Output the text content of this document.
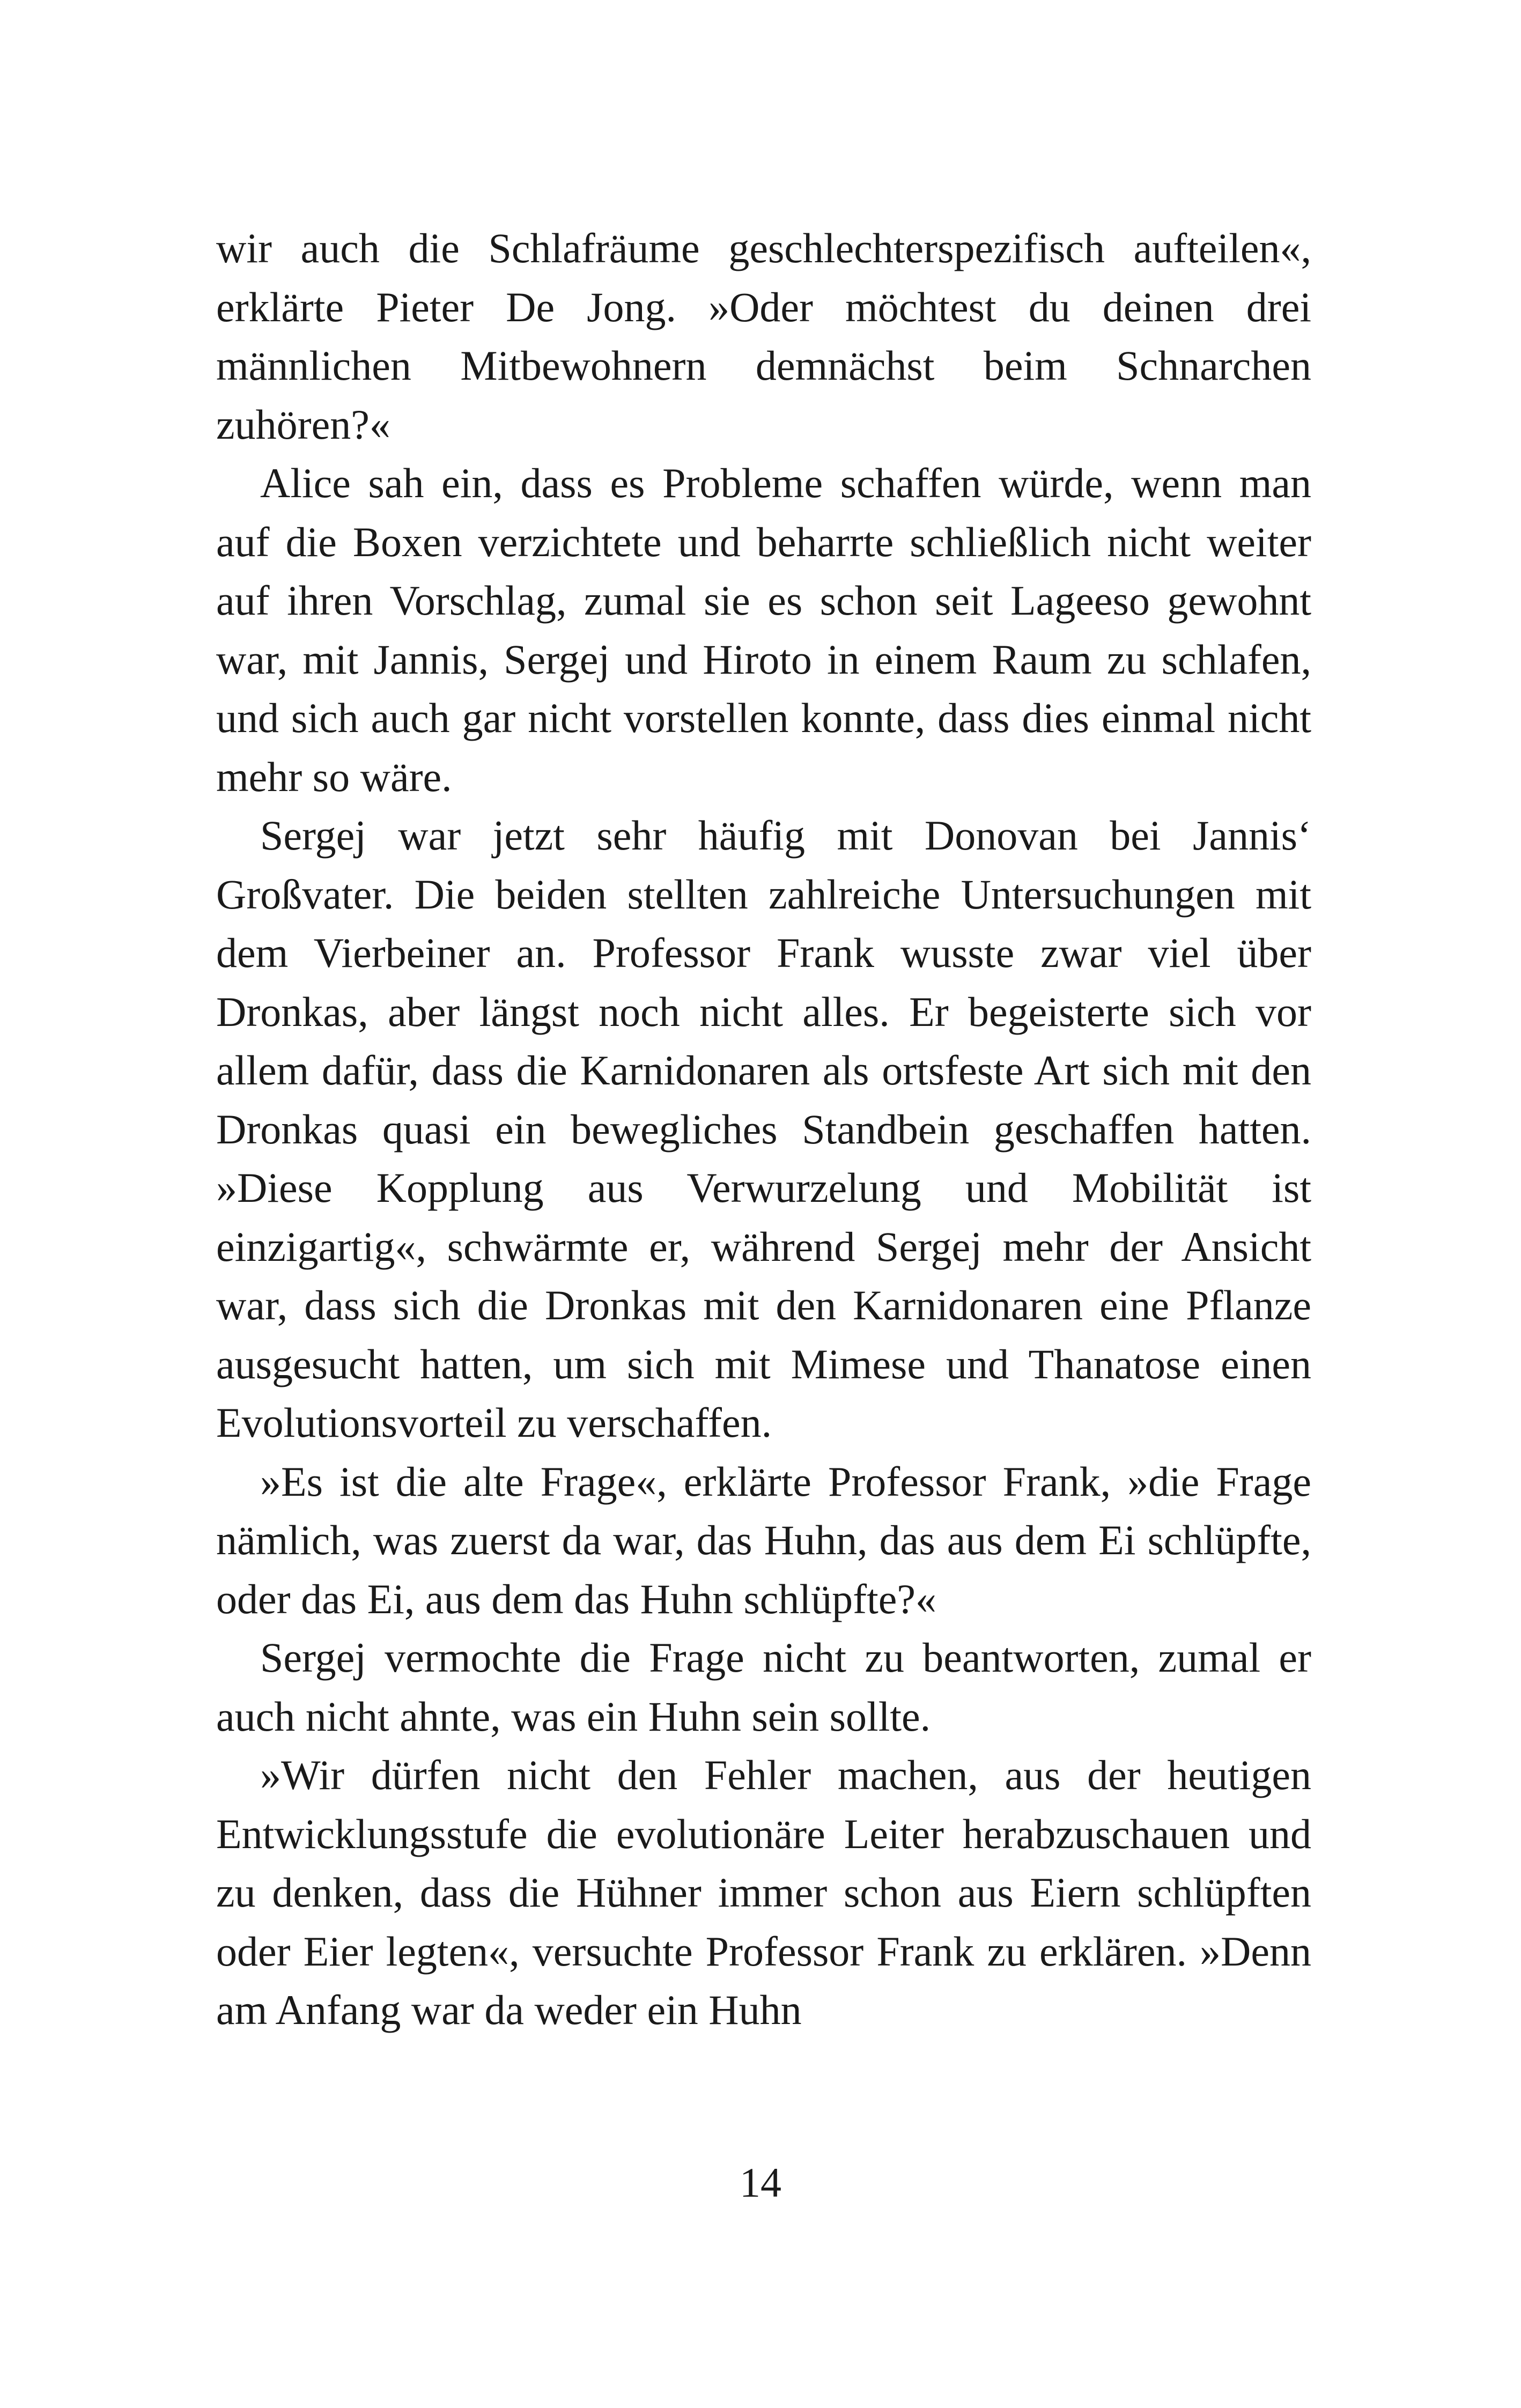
wir auch die Schlafräume geschlechterspezifisch aufteilen«, erklärte Pieter De Jong. »Oder möchtest du deinen drei männlichen Mitbewohnern demnächst beim Schnarchen zuhören?«

Alice sah ein, dass es Probleme schaffen würde, wenn man auf die Boxen verzichtete und beharrte schließlich nicht weiter auf ihren Vorschlag, zumal sie es schon seit Lageeso gewohnt war, mit Jannis, Sergej und Hiroto in einem Raum zu schlafen, und sich auch gar nicht vorstellen konnte, dass dies einmal nicht mehr so wäre.

Sergej war jetzt sehr häufig mit Donovan bei Jannis‘ Großvater. Die beiden stellten zahlreiche Untersuchungen mit dem Vierbeiner an. Professor Frank wusste zwar viel über Dronkas, aber längst noch nicht alles. Er begeisterte sich vor allem dafür, dass die Karnidonaren als ortsfeste Art sich mit den Dronkas quasi ein bewegliches Standbein geschaffen hatten. »Diese Kopplung aus Verwurzelung und Mobilität ist einzigartig«, schwärmte er, während Sergej mehr der Ansicht war, dass sich die Dronkas mit den Karnidonaren eine Pflanze ausgesucht hatten, um sich mit Mimese und Thanatose einen Evolutionsvorteil zu verschaffen.

»Es ist die alte Frage«, erklärte Professor Frank, »die Frage nämlich, was zuerst da war, das Huhn, das aus dem Ei schlüpfte, oder das Ei, aus dem das Huhn schlüpfte?«

Sergej vermochte die Frage nicht zu beantworten, zumal er auch nicht ahnte, was ein Huhn sein sollte.

»Wir dürfen nicht den Fehler machen, aus der heutigen Entwicklungsstufe die evolutionäre Leiter herabzuschauen und zu denken, dass die Hühner immer schon aus Eiern schlüpften oder Eier legten«, versuchte Professor Frank zu erklären. »Denn am Anfang war da weder ein Huhn

14
